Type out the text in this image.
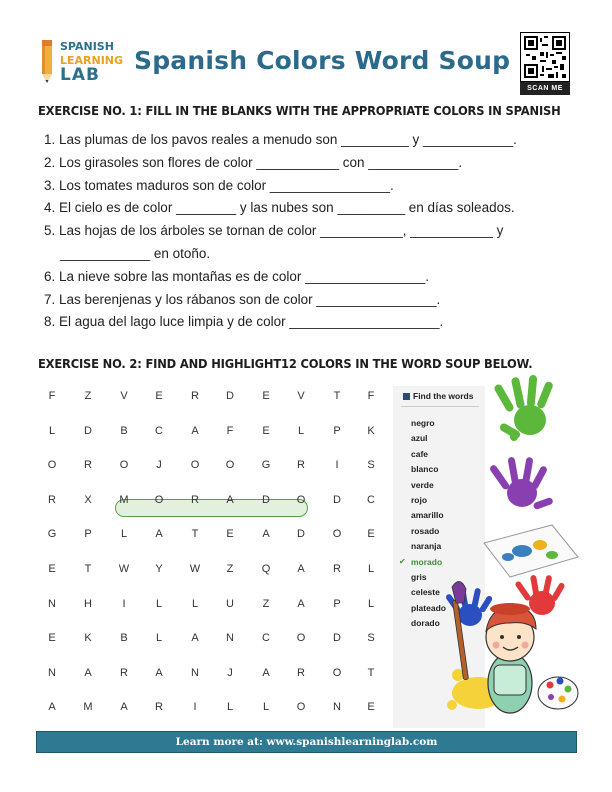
SPANISH
LEARNING
LAB Spanish Colors Word Soup
SCAN ME
EXERCISE NO. 1: FILL IN THE BLANKS WITH THE APPROPRIATE COLORS IN SPANISH
1. Las plumas de los pavos reales a menudo son _________ y ____________.
2. Los girasoles son flores de color ___________ con ____________.
3. Los tomates maduros son de color ________________.
4. El cielo es de color ________ y las nubes son _________ en días soleados.
5. Las hojas de los árboles se tornan de color ___________, ___________ y
____________ en otoño.
6. La nieve sobre las montañas es de color ________________.
7. Las berenjenas y los rábanos son de color ________________.
8. El agua del lago luce limpia y de color ____________________.
EXERCISE NO. 2: FIND AND HIGHLIGHT12 COLORS IN THE WORD SOUP BELOW.
F	Z	V	E	R	D	E	V	T	F
L	D	B	C	A	F	E	L	P	K
O	R	O	J	O	O	G	R	I	S
R	X	M	O	R	A	D	O	D	C
G	P	L	A	T	E	A	D	O	E
E	T	W	Y	W	Z	Q	A	R	L
N	H	I	L	L	U	Z	A	P	L
E	K	B	L	A	N	C	O	D	S
N	A	R	A	N	J	A	R	O	T
A	M	A	R	I	L	L	O	N	E
Find the words
negro
azul
cafe
blanco
verde
rojo
amarillo
rosado
naranja
✔ morado
gris
celeste
plateado
dorado
Learn more at: www.spanishlearninglab.com
